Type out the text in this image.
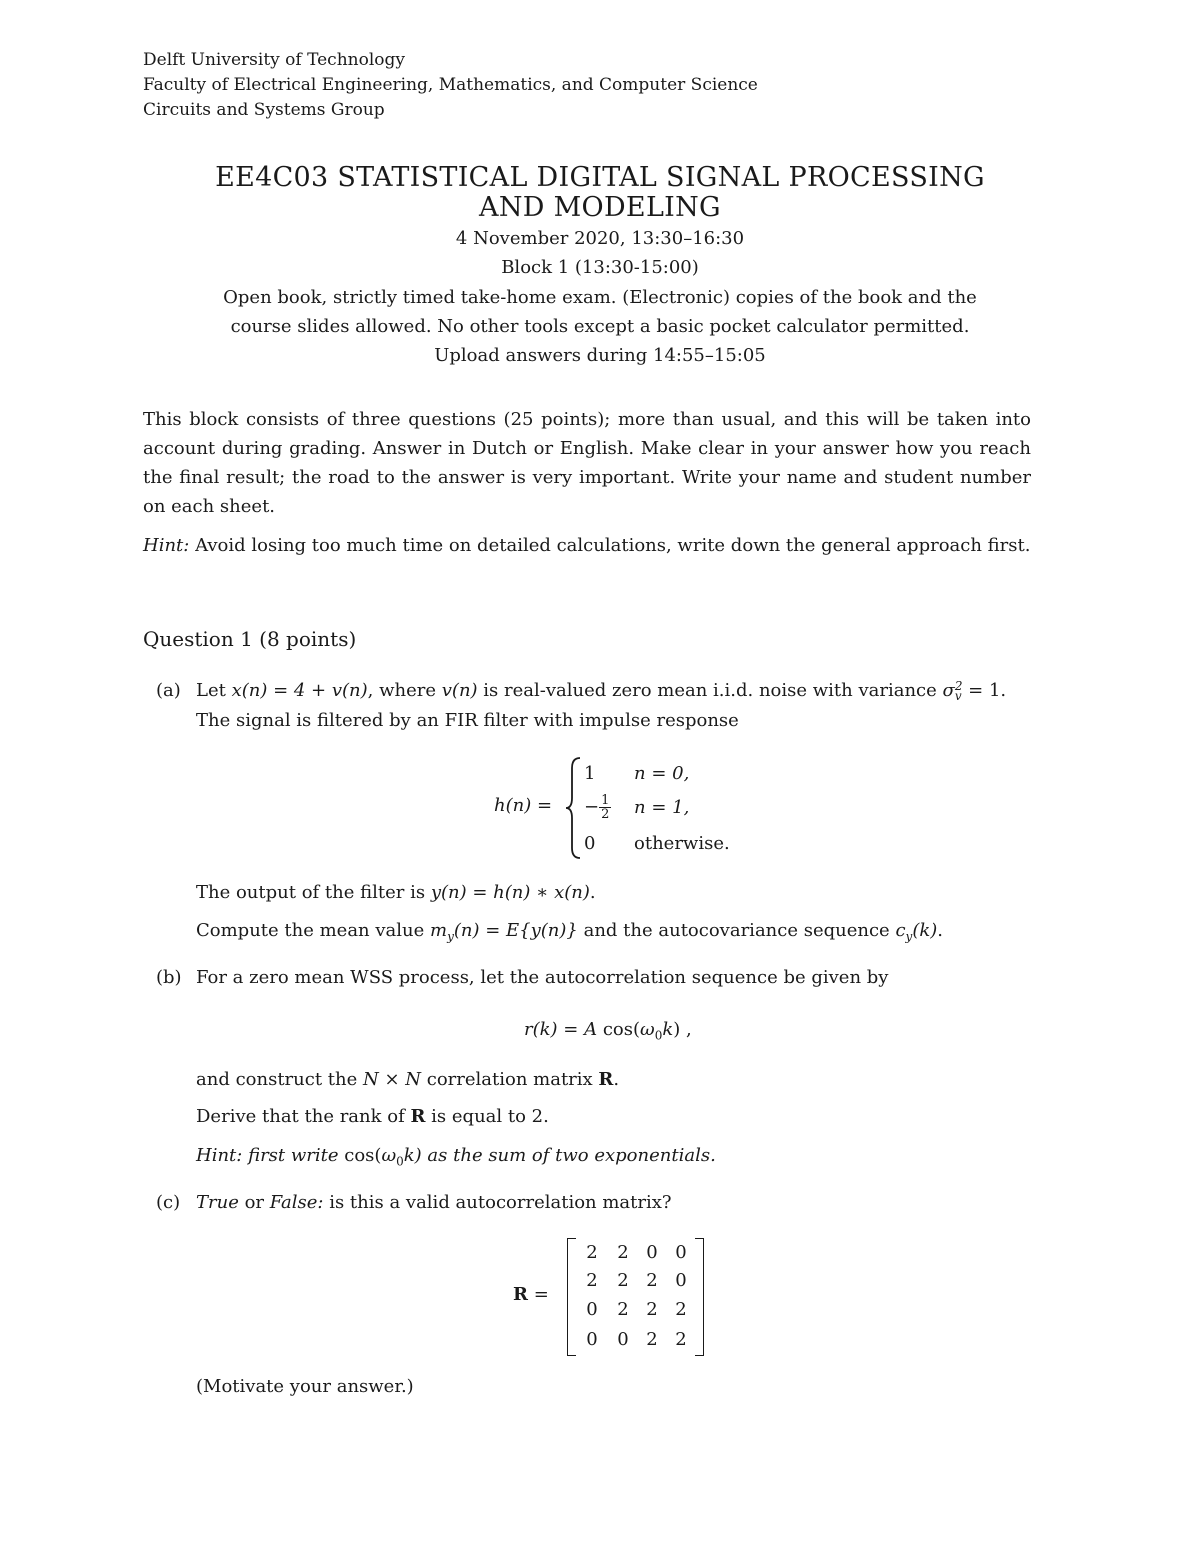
Delft University of Technology
Faculty of Electrical Engineering, Mathematics, and Computer Science
Circuits and Systems Group
EE4C03 STATISTICAL DIGITAL SIGNAL PROCESSING
AND MODELING
4 November 2020, 13:30–16:30
Block 1 (13:30-15:00)
Open book, strictly timed take-home exam. (Electronic) copies of the book and the
course slides allowed. No other tools except a basic pocket calculator permitted.
Upload answers during 14:55–15:05
This block consists of three questions (25 points); more than usual, and this will be taken into account during grading. Answer in Dutch or English. Make clear in your answer how you reach the final result; the road to the answer is very important. Write your name and student number on each sheet.
Hint: Avoid losing too much time on detailed calculations, write down the general approach first.
Question 1 (8 points)
(a) Let x(n) = 4 + v(n), where v(n) is real-valued zero mean i.i.d. noise with variance σ 2
v = 1.
The signal is filtered by an FIR filter with impulse response
h(n) =
1 n = 0,
− $\frac{1}{2}$ n = 1,
0 otherwise.
The output of the filter is y(n) = h(n) ∗ x(n).
Compute the mean value $m_y(n) = E\{y(n)\}$ and the autocovariance sequence $c_y(k)$.
(b) For a zero mean WSS process, let the autocorrelation sequence be given by
r(k) = A $\cos(\omega_0k)$ ,
and construct the N × N correlation matrix R.
Derive that the rank of R is equal to 2.
Hint: first write $\cos(\omega_0k)$ as the sum of two exponentials.
(c) True or False: is this a valid autocorrelation matrix?
R =
2 2 0 0
2 2 2 0
0 2 2 2
0 0 2 2
(Motivate your answer.)
